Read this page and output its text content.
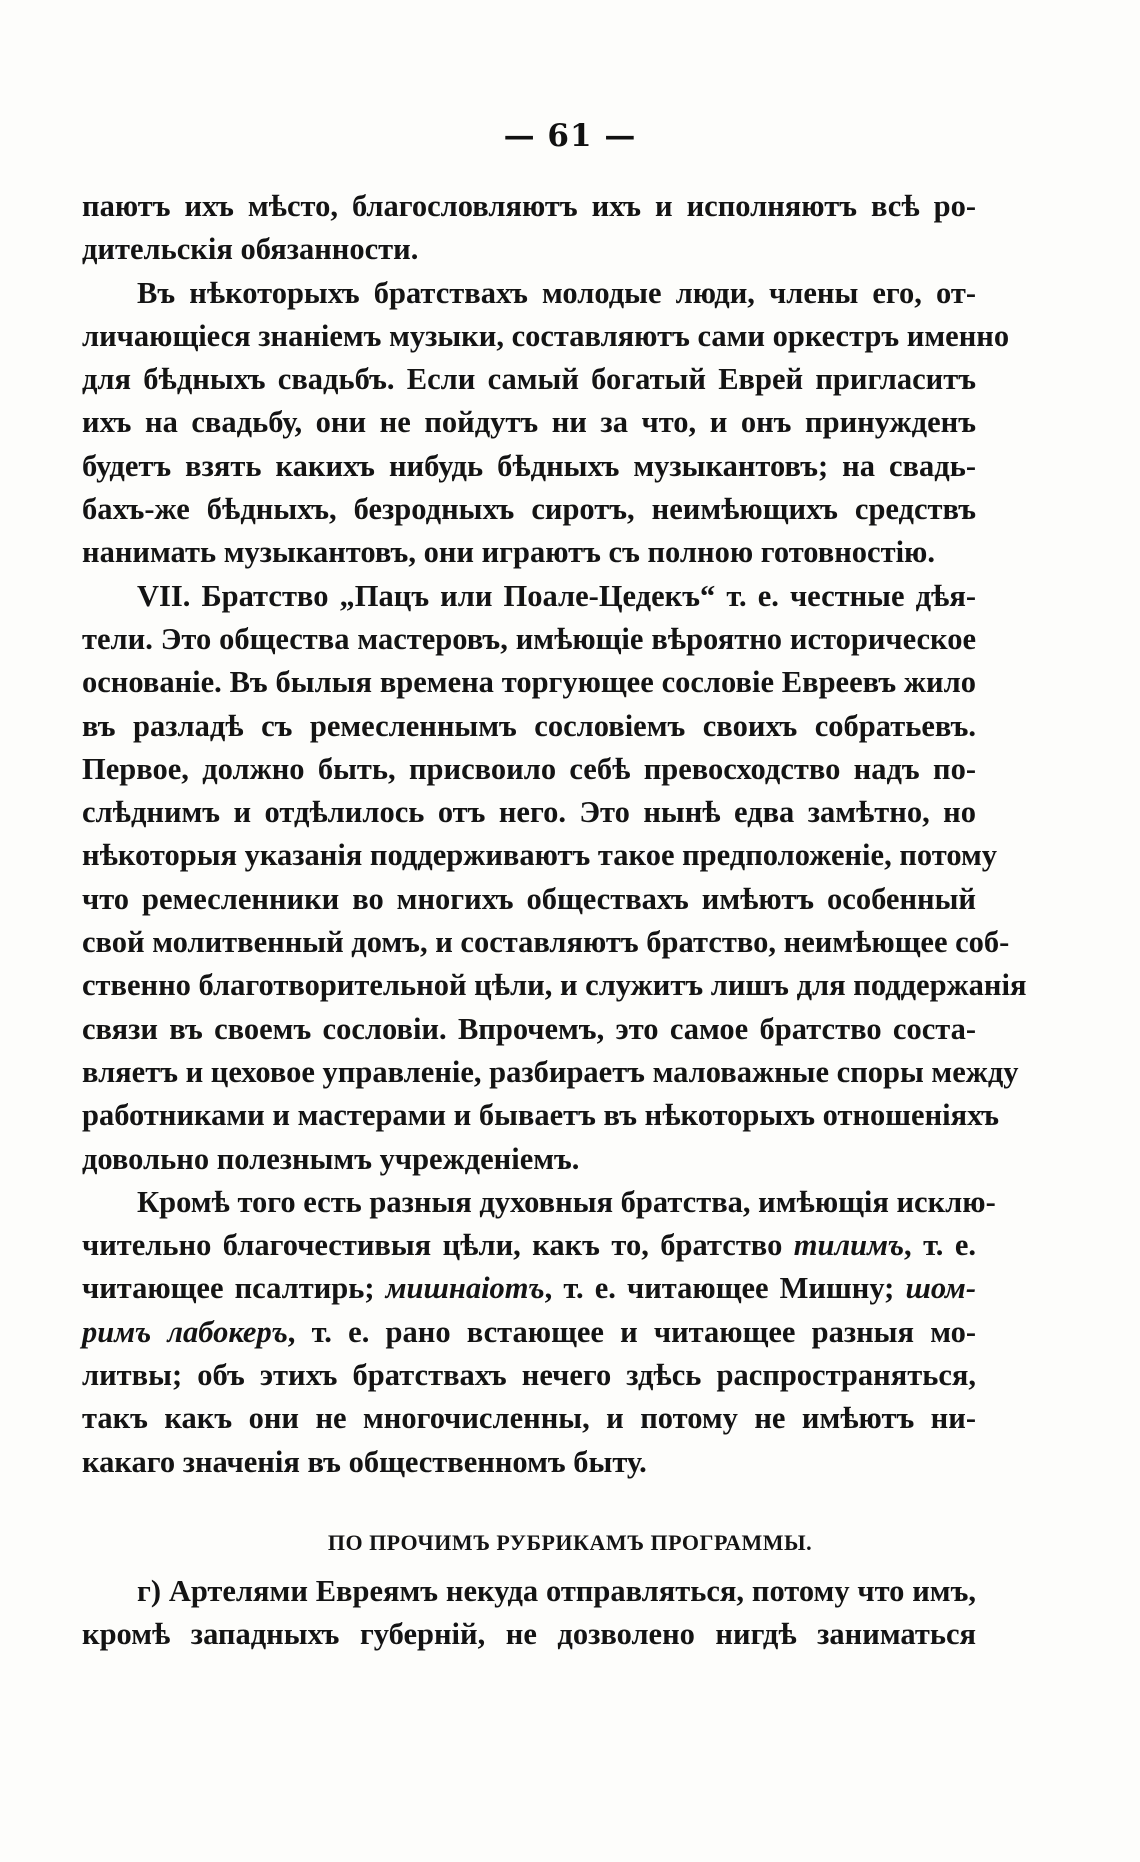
— 61 —
паютъ ихъ мѣсто, благословляютъ ихъ и исполняютъ всѣ ро-
дительскія обязанности.
Въ нѣкоторыхъ братствахъ молодые люди, члены его, от-
личающіеся знаніемъ музыки, составляютъ сами оркестръ именно
для бѣдныхъ свадьбъ. Если самый богатый Еврей пригласитъ
ихъ на свадьбу, они не пойдутъ ни за что, и онъ принужденъ
будетъ взять какихъ нибудь бѣдныхъ музыкантовъ; на свадь-
бахъ-же бѣдныхъ, безродныхъ сиротъ, неимѣющихъ средствъ
нанимать музыкантовъ, они играютъ съ полною готовностію.
VII. Братство „Пацъ или Поале-Цедекъ“ т. е. честные дѣя-
тели. Это общества мастеровъ, имѣющіе вѣроятно историческое
основаніе. Въ былыя времена торгующее сословіе Евреевъ жило
въ разладѣ съ ремесленнымъ сословіемъ своихъ собратьевъ.
Первое, должно быть, присвоило себѣ превосходство надъ по-
слѣднимъ и отдѣлилось отъ него. Это нынѣ едва замѣтно, но
нѣкоторыя указанія поддерживаютъ такое предположеніе, потому
что ремесленники во многихъ обществахъ имѣютъ особенный
свой молитвенный домъ, и составляютъ братство, неимѣющее соб-
ственно благотворительной цѣли, и служитъ лишъ для поддержанія
связи въ своемъ сословіи. Впрочемъ, это самое братство соста-
вляетъ и цеховое управленіе, разбираетъ маловажные споры между
работниками и мастерами и бываетъ въ нѣкоторыхъ отношеніяхъ
довольно полезнымъ учрежденіемъ.
Кромѣ того есть разныя духовныя братства, имѣющія исклю-
чительно благочестивыя цѣли, какъ то, братство тилимъ, т. е.
читающее псалтирь; мишнаіотъ, т. е. читающее Мишну; шом-
римъ лабокеръ, т. е. рано встающее и читающее разныя мо-
литвы; объ этихъ братствахъ нечего здѣсь распространяться,
такъ какъ они не многочисленны, и потому не имѣютъ ни-
какаго значенія въ общественномъ быту.
ПО ПРОЧИМЪ РУБРИКАМЪ ПРОГРАММЫ.
г) Артелями Евреямъ некуда отправляться, потому что имъ,
кромѣ западныхъ губерній, не дозволено нигдѣ заниматься
